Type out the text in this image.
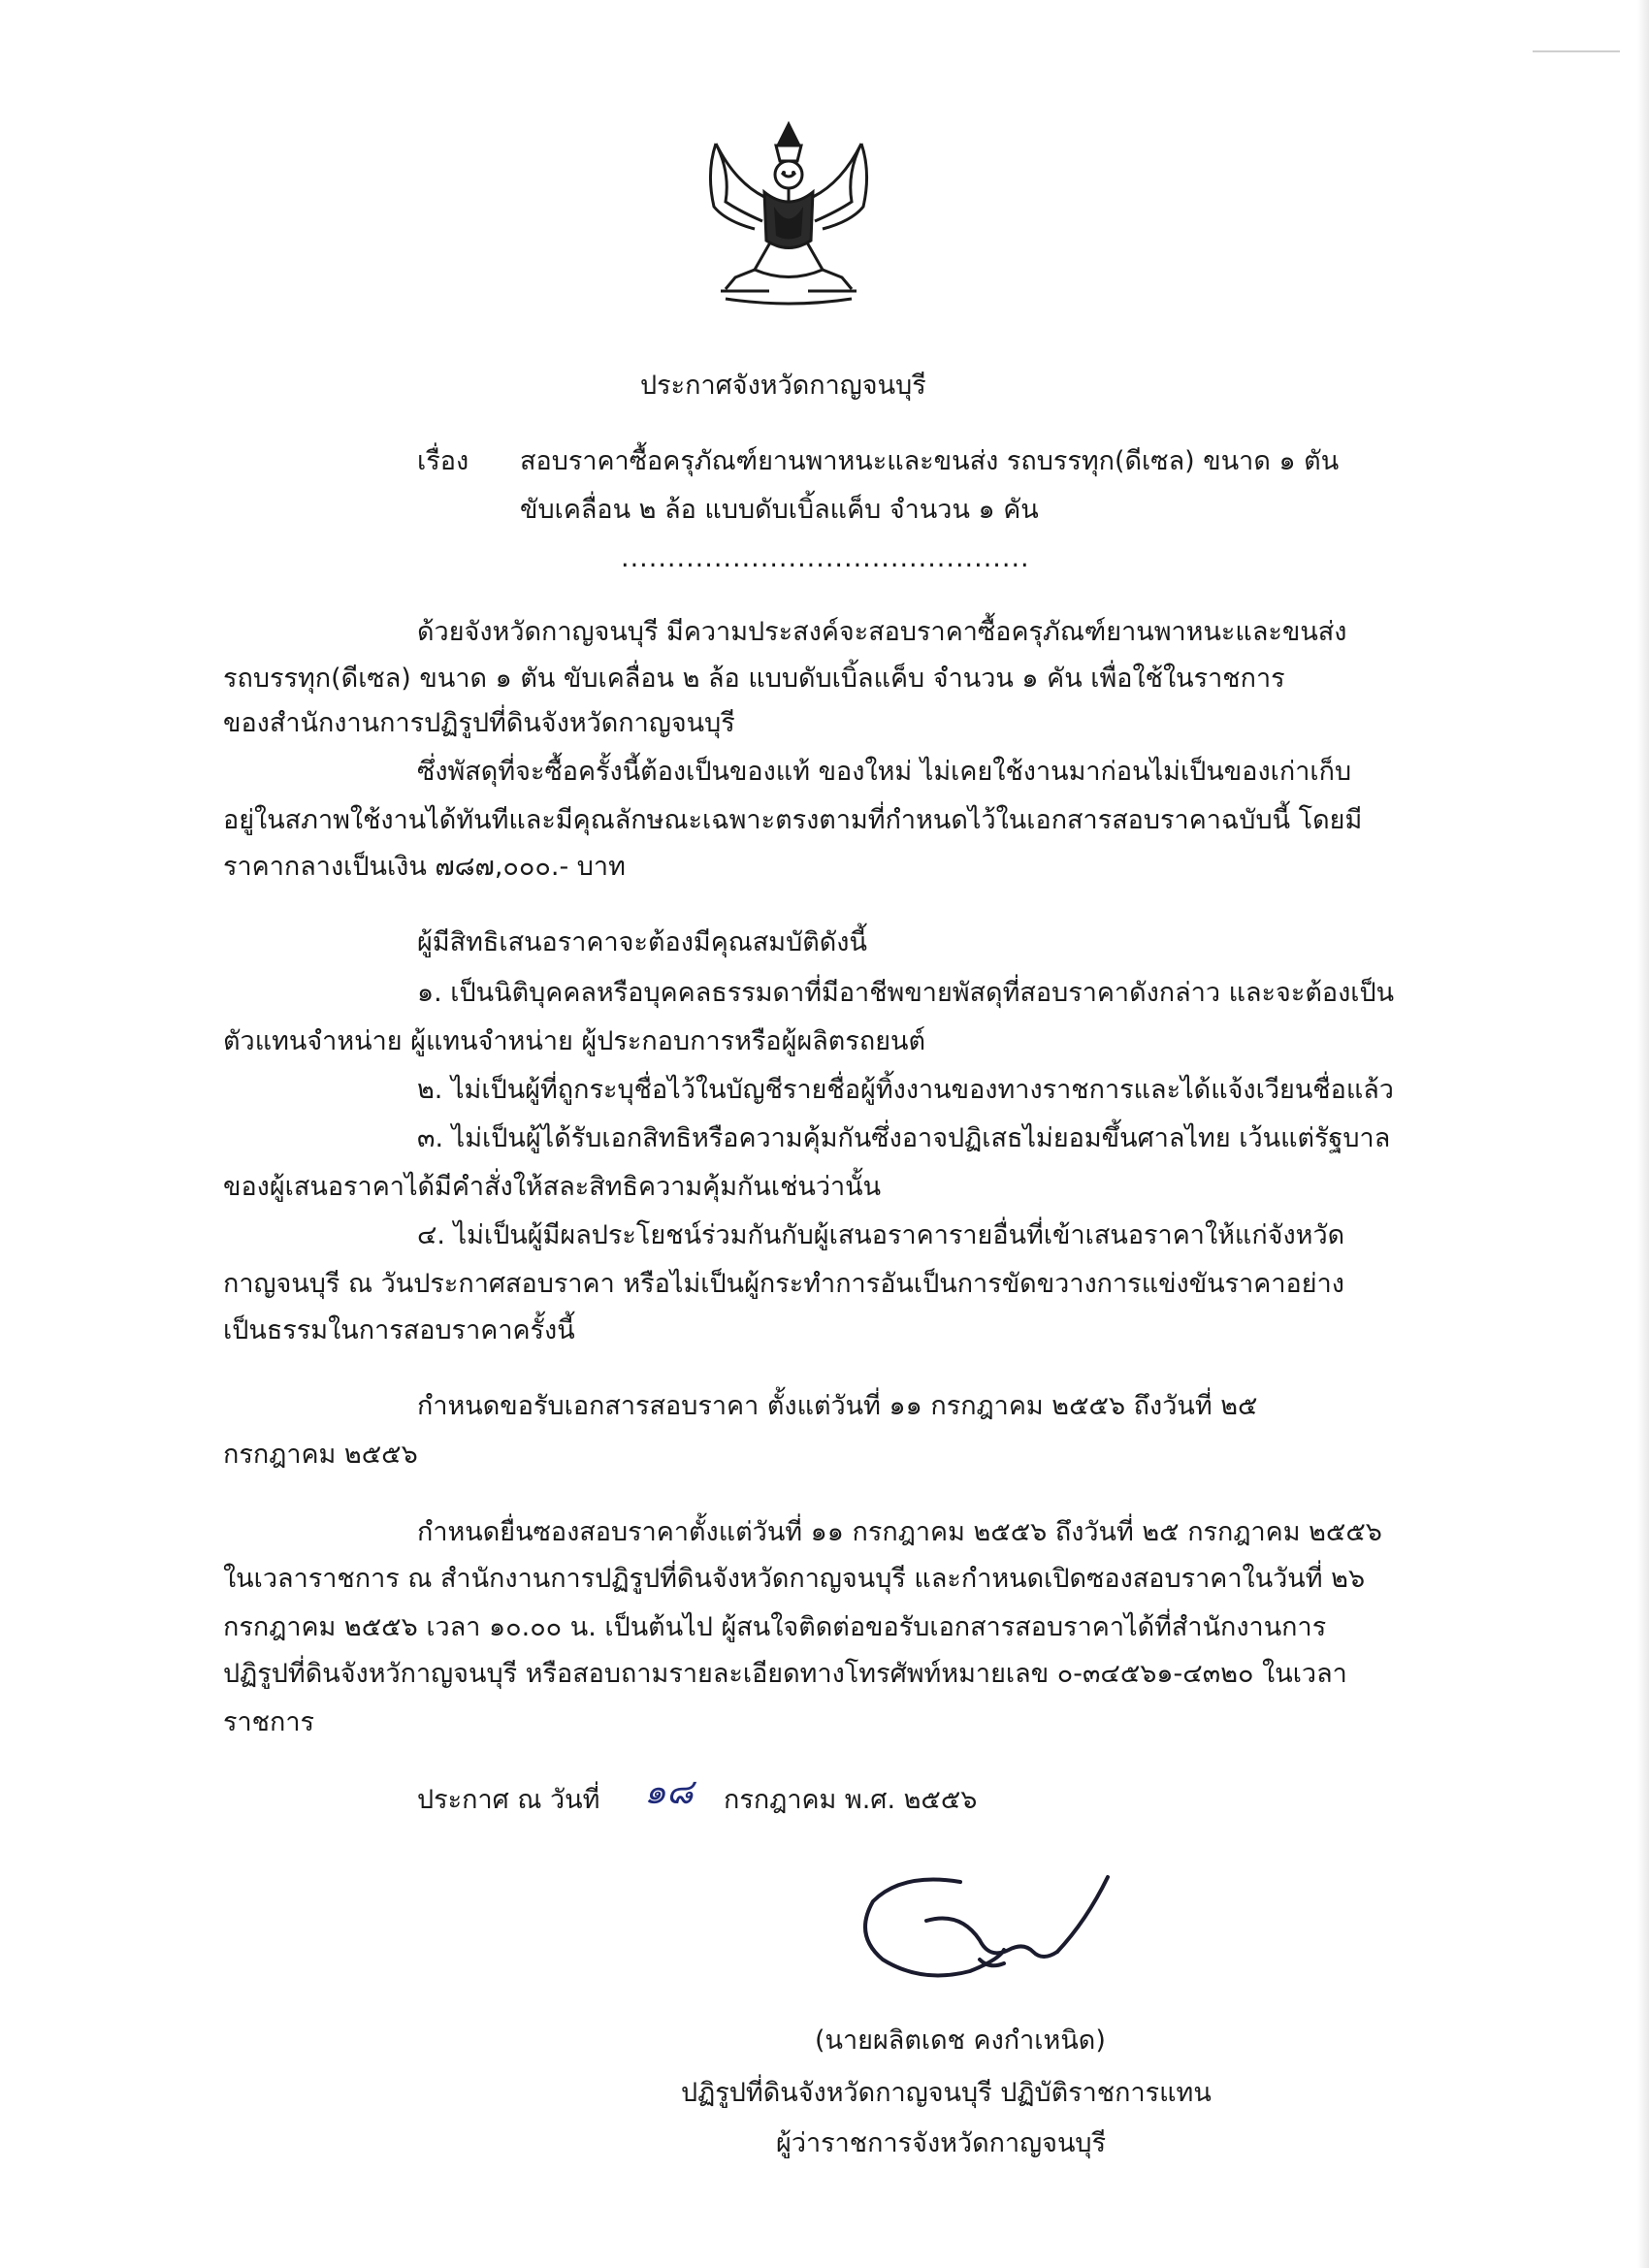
ประกาศจังหวัดกาญจนบุรี
เรื่อง สอบราคาซื้อครุภัณฑ์ยานพาหนะและขนส่ง รถบรรทุก(ดีเซล) ขนาด ๑ ตัน
ขับเคลื่อน ๒ ล้อ แบบดับเบิ้ลแค็บ จำนวน ๑ คัน
............................................
ด้วยจังหวัดกาญจนบุรี มีความประสงค์จะสอบราคาซื้อครุภัณฑ์ยานพาหนะและขนส่ง
รถบรรทุก(ดีเซล) ขนาด ๑ ตัน ขับเคลื่อน ๒ ล้อ แบบดับเบิ้ลแค็บ จำนวน ๑ คัน เพื่อใช้ในราชการ
ของสำนักงานการปฏิรูปที่ดินจังหวัดกาญจนบุรี
ซึ่งพัสดุที่จะซื้อครั้งนี้ต้องเป็นของแท้ ของใหม่ ไม่เคยใช้งานมาก่อนไม่เป็นของเก่าเก็บ
อยู่ในสภาพใช้งานได้ทันทีและมีคุณลักษณะเฉพาะตรงตามที่กำหนดไว้ในเอกสารสอบราคาฉบับนี้ โดยมี
ราคากลางเป็นเงิน ๗๘๗,๐๐๐.- บาท
ผู้มีสิทธิเสนอราคาจะต้องมีคุณสมบัติดังนี้
๑. เป็นนิติบุคคลหรือบุคคลธรรมดาที่มีอาชีพขายพัสดุที่สอบราคาดังกล่าว และจะต้องเป็น
ตัวแทนจำหน่าย ผู้แทนจำหน่าย ผู้ประกอบการหรือผู้ผลิตรถยนต์
๒. ไม่เป็นผู้ที่ถูกระบุชื่อไว้ในบัญชีรายชื่อผู้ทิ้งงานของทางราชการและได้แจ้งเวียนชื่อแล้ว
๓. ไม่เป็นผู้ได้รับเอกสิทธิหรือความคุ้มกันซึ่งอาจปฏิเสธไม่ยอมขึ้นศาลไทย เว้นแต่รัฐบาล
ของผู้เสนอราคาได้มีคำสั่งให้สละสิทธิความคุ้มกันเช่นว่านั้น
๔. ไม่เป็นผู้มีผลประโยชน์ร่วมกันกับผู้เสนอราคารายอื่นที่เข้าเสนอราคาให้แก่จังหวัด
กาญจนบุรี ณ วันประกาศสอบราคา หรือไม่เป็นผู้กระทำการอันเป็นการขัดขวางการแข่งขันราคาอย่าง
เป็นธรรมในการสอบราคาครั้งนี้
กำหนดขอรับเอกสารสอบราคา ตั้งแต่วันที่ ๑๑ กรกฎาคม ๒๕๕๖ ถึงวันที่ ๒๕
กรกฎาคม ๒๕๕๖
กำหนดยื่นซองสอบราคาตั้งแต่วันที่ ๑๑ กรกฎาคม ๒๕๕๖ ถึงวันที่ ๒๕ กรกฎาคม ๒๕๕๖
ในเวลาราชการ ณ สำนักงานการปฏิรูปที่ดินจังหวัดกาญจนบุรี และกำหนดเปิดซองสอบราคาในวันที่ ๒๖
กรกฎาคม ๒๕๕๖ เวลา ๑๐.๐๐ น. เป็นต้นไป ผู้สนใจติดต่อขอรับเอกสารสอบราคาได้ที่สำนักงานการ
ปฏิรูปที่ดินจังหวักาญจนบุรี หรือสอบถามรายละเอียดทางโทรศัพท์หมายเลข ๐-๓๔๕๖๑-๔๓๒๐ ในเวลา
ราชการ
ประกาศ ณ วันที่ ๑๘ กรกฎาคม พ.ศ. ๒๕๕๖
(นายผลิตเดช คงกำเหนิด)
ปฏิรูปที่ดินจังหวัดกาญจนบุรี ปฏิบัติราชการแทน
ผู้ว่าราชการจังหวัดกาญจนบุรี
